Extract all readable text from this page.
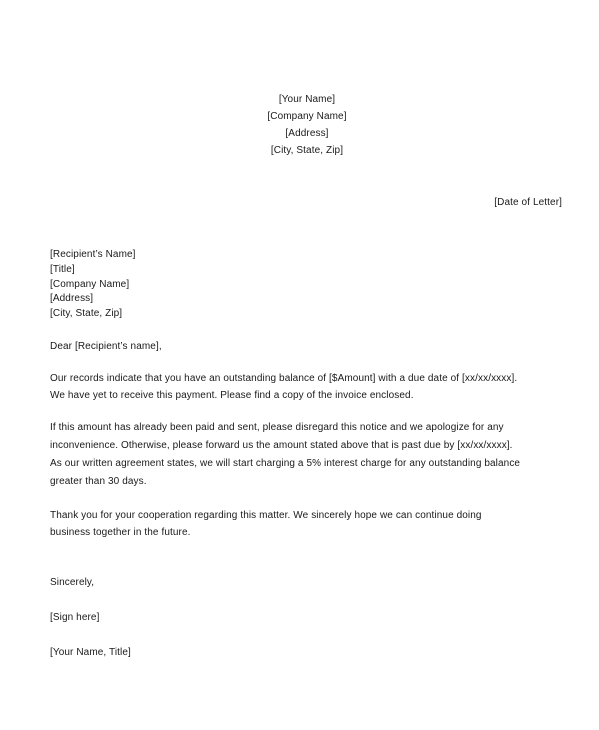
[Your Name]
[Company Name]
[Address]
[City, State, Zip]
[Date of Letter]
[Recipient’s Name]
[Title]
[Company Name]
[Address]
[City, State, Zip]
Dear [Recipient’s name],
Our records indicate that you have an outstanding balance of [$Amount] with a due date of [xx/xx/xxxx].
We have yet to receive this payment. Please find a copy of the invoice enclosed.
If this amount has already been paid and sent, please disregard this notice and we apologize for any
inconvenience. Otherwise, please forward us the amount stated above that is past due by [xx/xx/xxxx].
As our written agreement states, we will start charging a 5% interest charge for any outstanding balance
greater than 30 days.
Thank you for your cooperation regarding this matter. We sincerely hope we can continue doing
business together in the future.
Sincerely,
[Sign here]
[Your Name, Title]
